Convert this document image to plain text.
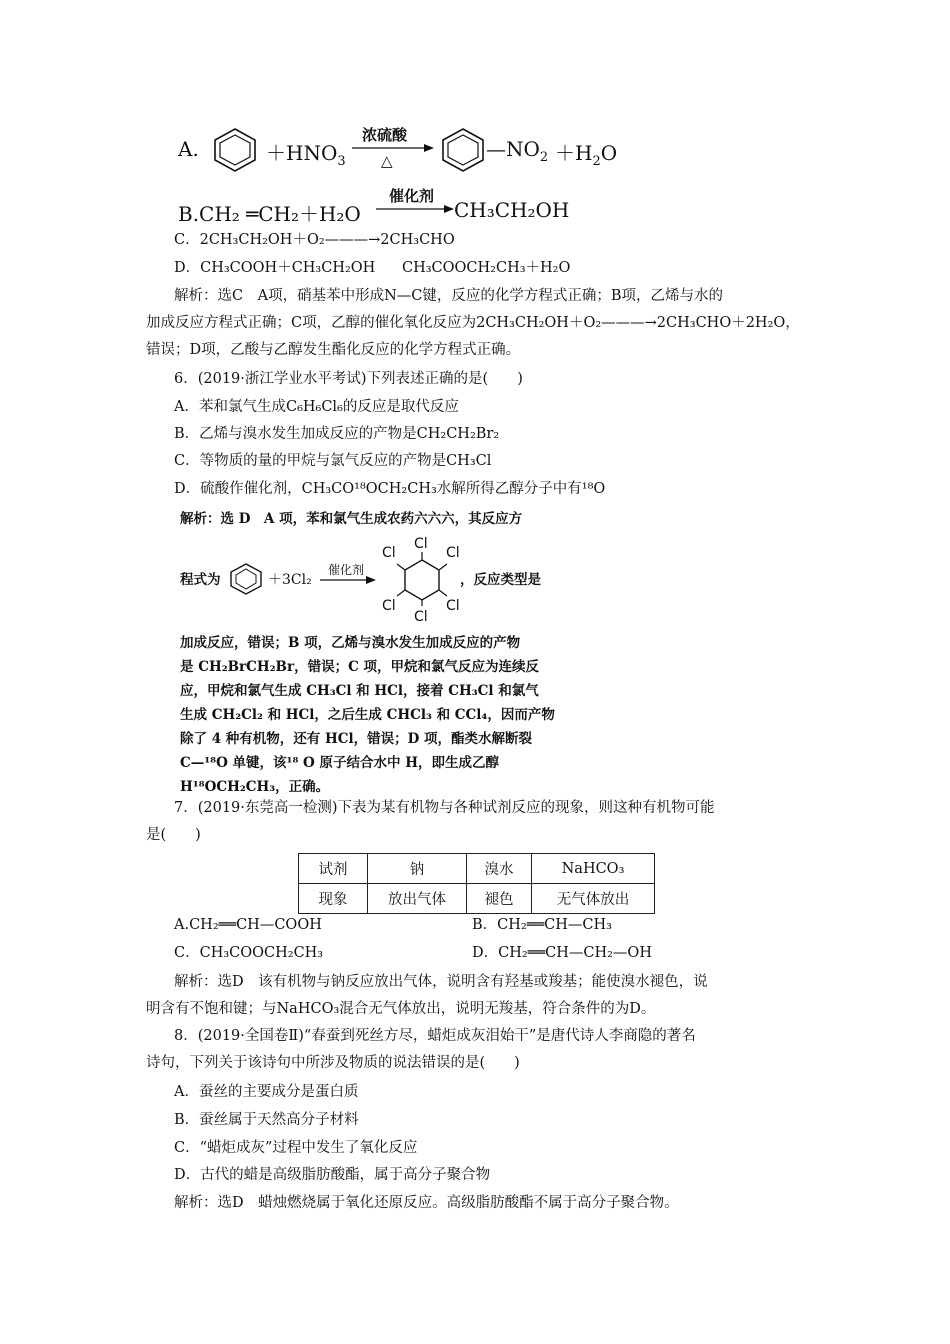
A.	$+HNO_3$
浓硫酸
△	$—NO_2 +H_2O$
B.CH₂ ═CH₂＋H₂O
催化剂
CH₃CH₂OH
C．2CH₃CH₂OH＋O₂———→2CH₃CHO
D．CH₃COOH＋CH₃CH₂OH CH₃COOCH₂CH₃＋H₂O
解析：选C　A项，硝基苯中形成N—C键，反应的化学方程式正确；B项，乙烯与水的
加成反应方程式正确；C项，乙醇的催化氧化反应为2CH₃CH₂OH＋O₂———→2CH₃CHO＋2H₂O，
错误；D项，乙酸与乙醇发生酯化反应的化学方程式正确。
6．(2019·浙江学业水平考试)下列表述正确的是(　　)
A．苯和氯气生成C₆H₆Cl₆的反应是取代反应
B．乙烯与溴水发生加成反应的产物是CH₂CH₂Br₂
C．等物质的量的甲烷与氯气反应的产物是CH₃Cl
D．硫酸作催化剂，CH₃CO¹⁸OCH₂CH₃水解所得乙醇分子中有¹⁸O
解析：选 D　A 项，苯和氯气生成农药六六六，其反应方
程式为	＋3Cl₂
催化剂
Cl
Cl	Cl
Cl	Cl
Cl
，反应类型是
加成反应，错误；B 项，乙烯与溴水发生加成反应的产物
是 CH₂BrCH₂Br，错误；C 项，甲烷和氯气反应为连续反
应，甲烷和氯气生成 CH₃Cl 和 HCl，接着 CH₃Cl 和氯气
生成 CH₂Cl₂ 和 HCl，之后生成 CHCl₃ 和 CCl₄，因而产物
除了 4 种有机物，还有 HCl，错误；D 项，酯类水解断裂
C—¹⁸O 单键，该¹⁸ O 原子结合水中 H，即生成乙醇
H¹⁸OCH₂CH₃，正确。
7．(2019·东莞高一检测)下表为某有机物与各种试剂反应的现象，则这种有机物可能
是(　　)
试剂	钠	溴水	NaHCO₃
现象	放出气体	褪色	无气体放出
A.CH₂══CH—COOH	B．CH₂══CH—CH₃
C．CH₃COOCH₂CH₃	D．CH₂══CH—CH₂—OH
解析：选D　该有机物与钠反应放出气体，说明含有羟基或羧基；能使溴水褪色，说
明含有不饱和键；与NaHCO₃混合无气体放出，说明无羧基，符合条件的为D。
8．(2019·全国卷Ⅱ)“春蚕到死丝方尽，蜡炬成灰泪始干”是唐代诗人李商隐的著名
诗句，下列关于该诗句中所涉及物质的说法错误的是(　　)
A．蚕丝的主要成分是蛋白质
B．蚕丝属于天然高分子材料
C．“蜡炬成灰”过程中发生了氧化反应
D．古代的蜡是高级脂肪酸酯，属于高分子聚合物
解析：选D　蜡烛燃烧属于氧化还原反应。高级脂肪酸酯不属于高分子聚合物。
